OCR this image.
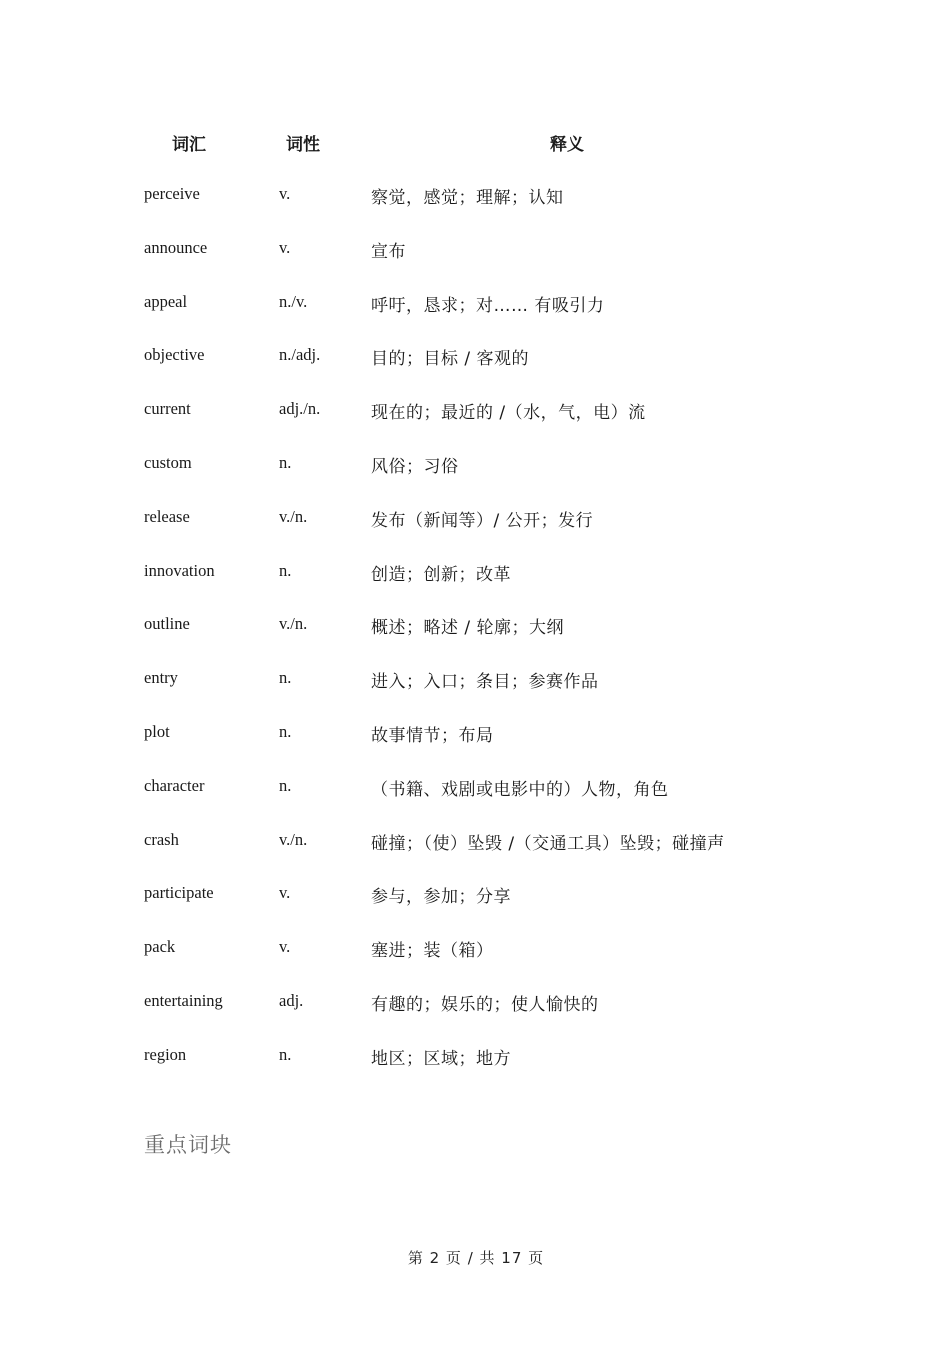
词汇	词性	释义
perceive	v.	察觉，感觉；理解；认知
announce	v.	宣布
appeal	n./v.	呼吁，恳求；对…… 有吸引力
objective	n./adj.	目的；目标 / 客观的
current	adj./n.	现在的；最近的 /（水，气，电）流
custom	n.	风俗；习俗
release	v./n.	发布（新闻等）/ 公开；发行
innovation	n.	创造；创新；改革
outline	v./n.	概述；略述 / 轮廓；大纲
entry	n.	进入；入口；条目；参赛作品
plot	n.	故事情节；布局
character	n.	（书籍、戏剧或电影中的）人物，角色
crash	v./n.	碰撞；（使）坠毁 /（交通工具）坠毁；碰撞声
participate	v.	参与，参加；分享
pack	v.	塞进；装（箱）
entertaining	adj.	有趣的；娱乐的；使人愉快的
region	n.	地区；区域；地方
重点词块
第 2 页 / 共 17 页
